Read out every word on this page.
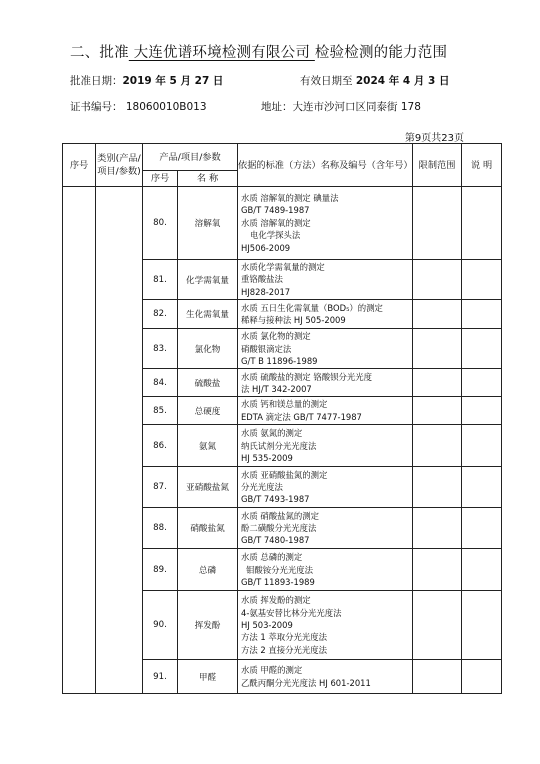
二、批准 大连优谱环境检测有限公司 检验检测的能力范围
批准日期：2019 年 5 月 27 日	有效日期至 2024 年 4 月 3 日
证书编号： 18060010B013	地址：大连市沙河口区同泰街 178
第9页共23页
序号	类别(产品/项目/参数)	产品/项目/参数		依据的标准（方法）名称及编号（含年号）	限制范围	说 明
		序号	名 称			
		80.	溶解氧	水质 溶解氧的测定 碘量法
GB/T 7489-1987
水质 溶解氧的测定
电化学探头法
HJ506-2009		

		81.	化学需氧量	水质化学需氧量的测定
重铬酸盐法
HJ828-2017		

		82.	生化需氧量	水质 五日生化需氧量（BOD₅）的测定
稀释与接种法 HJ 505-2009		

		83.	氯化物	水质 氯化物的测定
硝酸银滴定法
G/T B 11896-1989		

		84.	硫酸盐	水质 硫酸盐的测定 铬酸钡分光光度
法 HJ/T 342-2007		

		85.	总硬度	水质 钙和镁总量的测定
EDTA 滴定法 GB/T 7477-1987		

		86.	氨氮	水质 氨氮的测定
纳氏试剂分光光度法
HJ 535-2009		

		87.	亚硝酸盐氮	水质 亚硝酸盐氮的测定
分光光度法
GB/T 7493-1987		

		88.	硝酸盐氮	水质 硝酸盐氮的测定
酚二磺酸分光光度法
GB/T 7480-1987		

		89.	总磷	水质 总磷的测定
钼酸铵分光光度法
GB/T 11893-1989		

		90.	挥发酚	水质 挥发酚的测定
4-氨基安替比林分光光度法
HJ 503-2009
方法 1 萃取分光光度法
方法 2 直接分光光度法		

		91.	甲醛	水质 甲醛的测定
乙酰丙酮分光光度法 HJ 601-2011		
